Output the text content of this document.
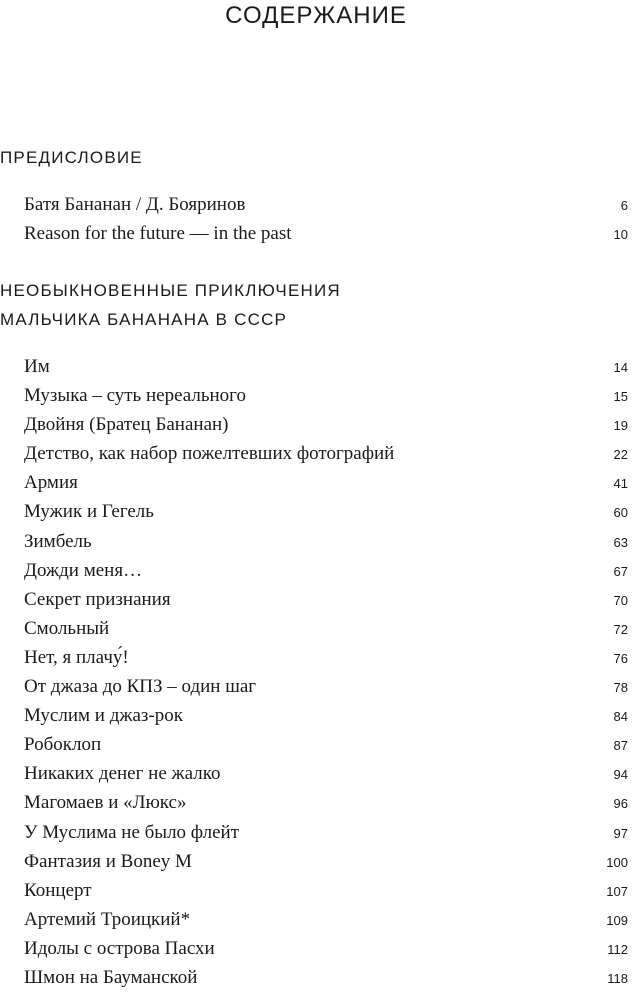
СОДЕРЖАНИЕ
ПРЕДИСЛОВИЕ
Батя Бананан / Д. Бояринов	6
Reason for the future — in the past	10
НЕОБЫКНОВЕННЫЕ ПРИКЛЮЧЕНИЯ
МАЛЬЧИКА БАНАНАНА В СССР
Им	14
Музыка – суть нереального	15
Двойня (Братец Бананан)	19
Детство, как набор пожелтевших фотографий	22
Армия	41
Мужик и Гегель	60
Зимбель	63
Дожди меня…	67
Секрет признания	70
Смольный	72
Нет, я плачу́!	76
От джаза до КПЗ – один шаг	78
Муслим и джаз-рок	84
Робоклоп	87
Никаких денег не жалко	94
Магомаев и «Люкс»	96
У Муслима не было флейт	97
Фантазия и Boney M	100
Концерт	107
Артемий Троицкий*	109
Идолы с острова Пасхи	112
Шмон на Бауманской	118
